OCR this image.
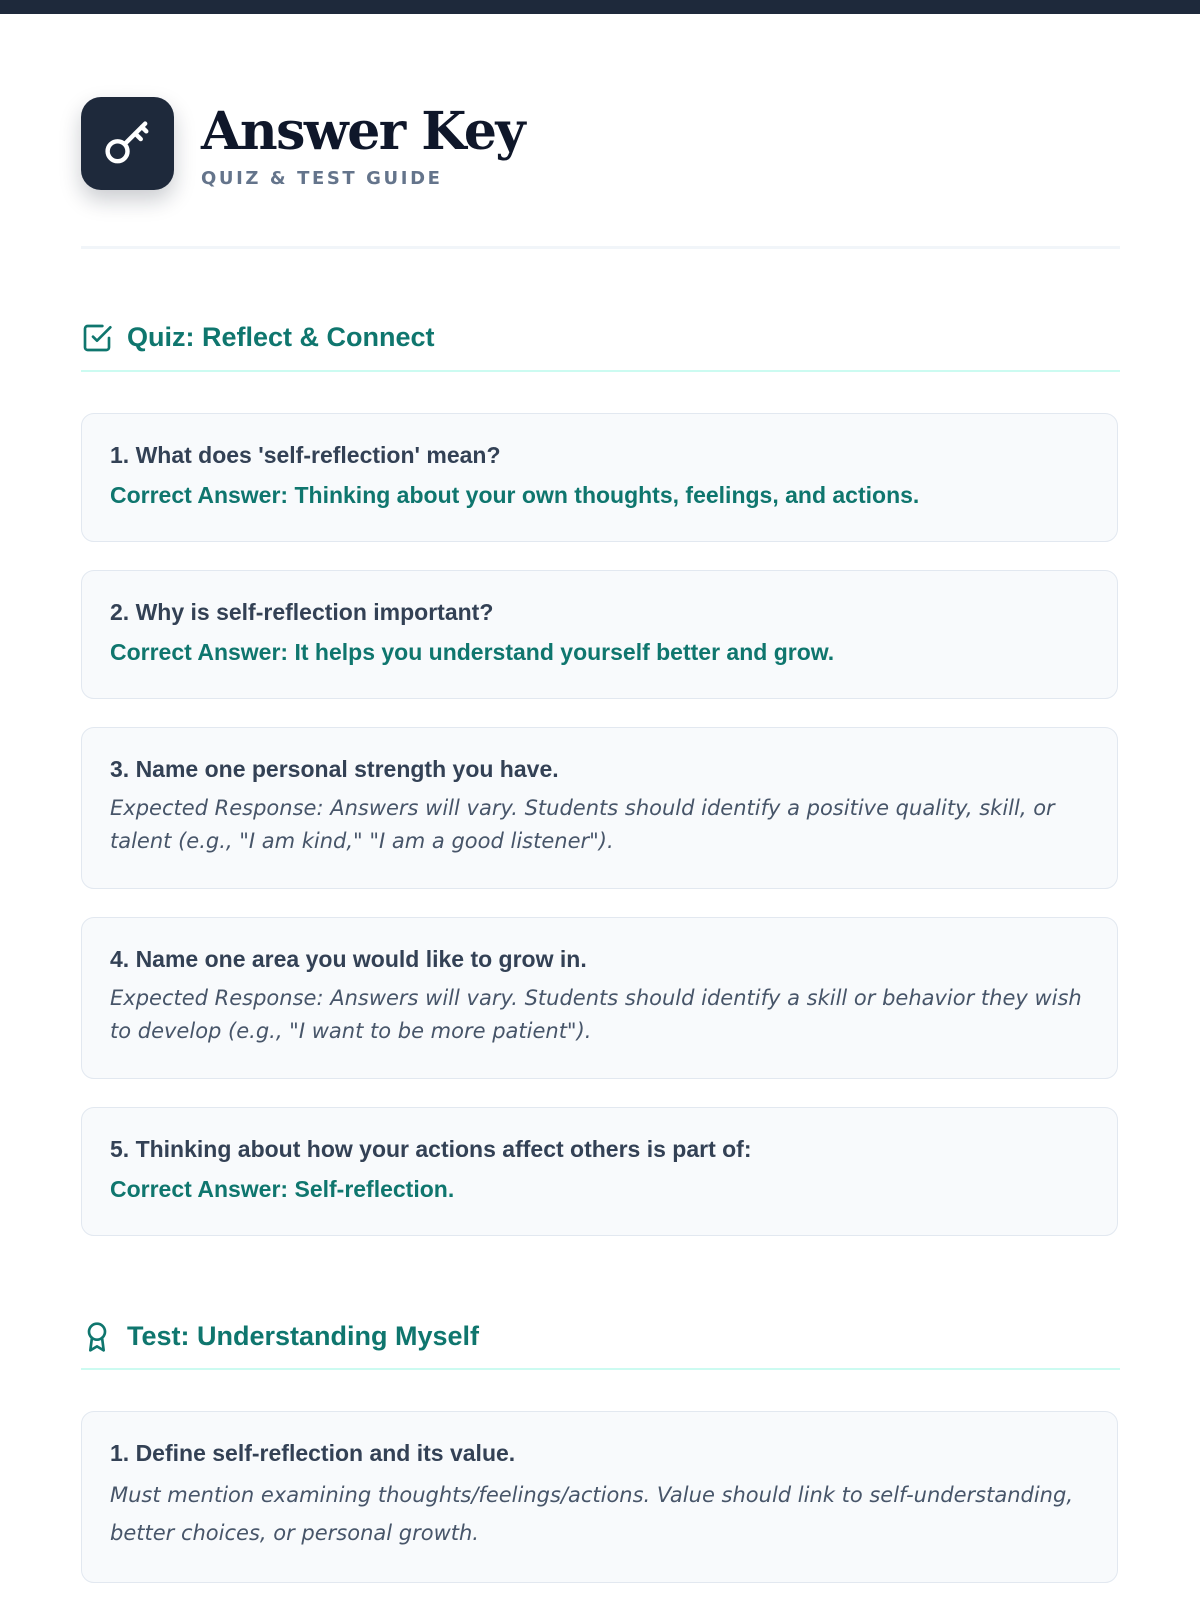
Answer Key
QUIZ & TEST GUIDE
Quiz: Reflect & Connect

1. What does 'self-reflection' mean?

Correct Answer: Thinking about your own thoughts, feelings, and actions.

2. Why is self-reflection important?

Correct Answer: It helps you understand yourself better and grow.

3. Name one personal strength you have.

Expected Response: Answers will vary. Students should identify a positive quality, skill, or talent (e.g., "I am kind," "I am a good listener").

4. Name one area you would like to grow in.

Expected Response: Answers will vary. Students should identify a skill or behavior they wish to develop (e.g., "I want to be more patient").

5. Thinking about how your actions affect others is part of:

Correct Answer: Self-reflection.

Test: Understanding Myself

1. Define self-reflection and its value.

Must mention examining thoughts/feelings/actions. Value should link to self-understanding, better choices, or personal growth.
